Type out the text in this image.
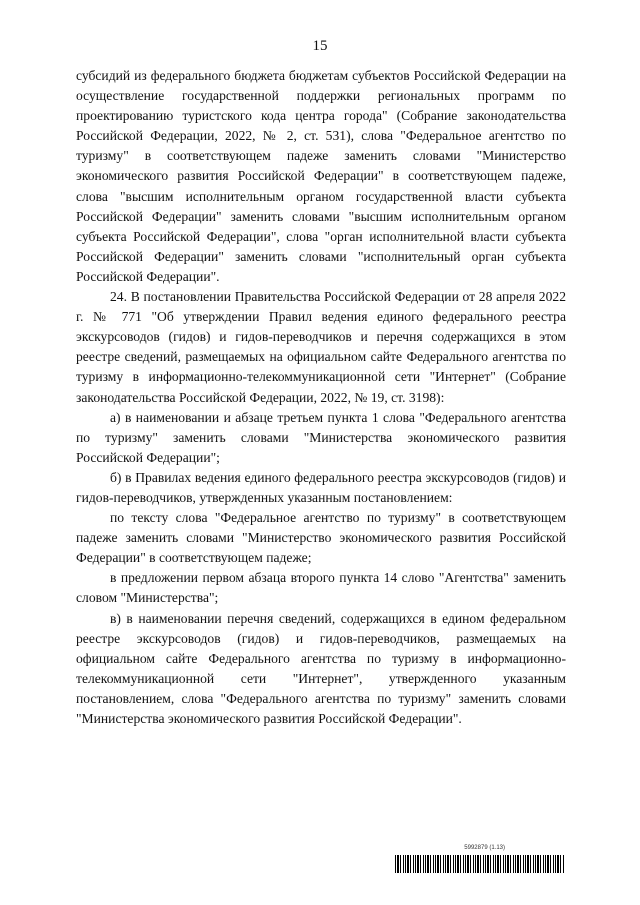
15

субсидий из федерального бюджета бюджетам субъектов Российской Федерации на осуществление государственной поддержки региональных программ по проектированию туристского кода центра города" (Собрание законодательства Российской Федерации, 2022, № 2, ст. 531), слова "Федеральное агентство по туризму" в соответствующем падеже заменить словами "Министерство экономического развития Российской Федерации" в соответствующем падеже, слова "высшим исполнительным органом государственной власти субъекта Российской Федерации" заменить словами "высшим исполнительным органом субъекта Российской Федерации", слова "орган исполнительной власти субъекта Российской Федерации" заменить словами "исполнительный орган субъекта Российской Федерации".

24. В постановлении Правительства Российской Федерации от 28 апреля 2022 г. № 771 "Об утверждении Правил ведения единого федерального реестра экскурсоводов (гидов) и гидов-переводчиков и перечня содержащихся в этом реестре сведений, размещаемых на официальном сайте Федерального агентства по туризму в информационно-телекоммуникационной сети "Интернет" (Собрание законодательства Российской Федерации, 2022, № 19, ст. 3198):

а) в наименовании и абзаце третьем пункта 1 слова "Федерального агентства по туризму" заменить словами "Министерства экономического развития Российской Федерации";

б) в Правилах ведения единого федерального реестра экскурсоводов (гидов) и гидов-переводчиков, утвержденных указанным постановлением:

по тексту слова "Федеральное агентство по туризму" в соответствующем падеже заменить словами "Министерство экономического развития Российской Федерации" в соответствующем падеже;

в предложении первом абзаца второго пункта 14 слово "Агентства" заменить словом "Министерства";

в) в наименовании перечня сведений, содержащихся в едином федеральном реестре экскурсоводов (гидов) и гидов-переводчиков, размещаемых на официальном сайте Федерального агентства по туризму в информационно-телекоммуникационной сети "Интернет", утвержденного указанным постановлением, слова "Федерального агентства по туризму" заменить словами "Министерства экономического развития Российской Федерации".

5992879 (1.13)
